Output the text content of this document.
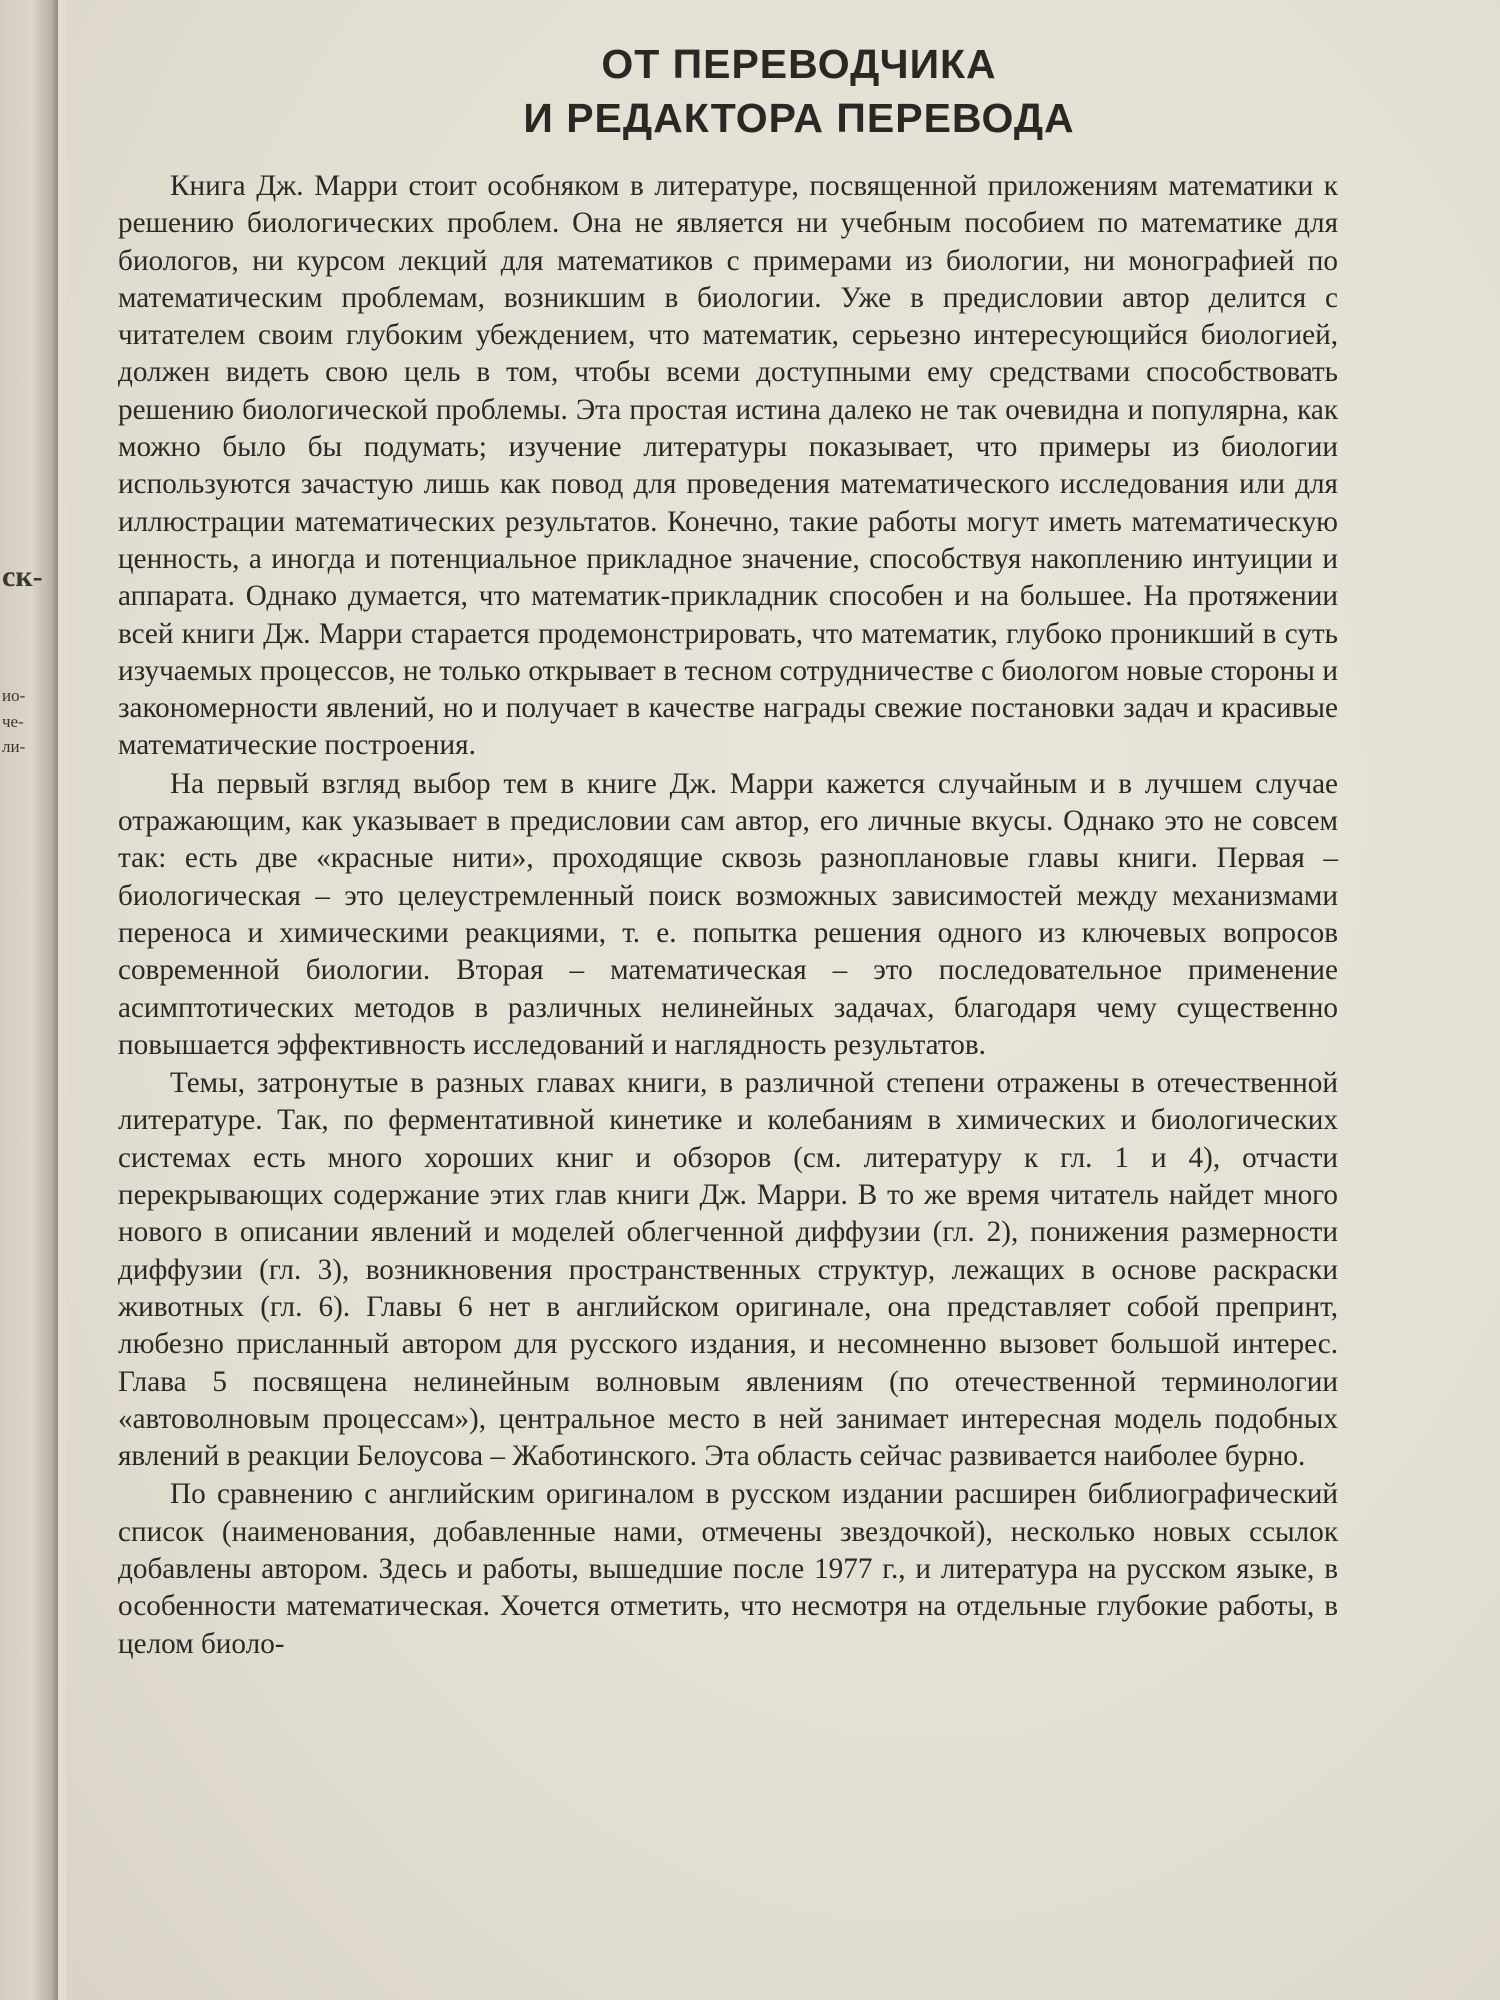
ск-
ио-
че-
ли-
ОТ ПЕРЕВОДЧИКА
И РЕДАКТОРА ПЕРЕВОДА

Книга Дж. Марри стоит особняком в литературе, посвященной приложениям математики к решению биологических проблем. Она не является ни учебным пособием по математике для биологов, ни курсом лекций для математиков с примерами из биологии, ни монографией по математическим проблемам, возникшим в биологии. Уже в предисловии автор делится с читателем своим глубоким убеждением, что математик, серьезно интересующийся биологией, должен видеть свою цель в том, чтобы всеми доступными ему средствами способствовать решению биологической проблемы. Эта простая истина далеко не так очевидна и популярна, как можно было бы подумать; изучение литературы показывает, что примеры из биологии используются зачастую лишь как повод для проведения математического исследования или для иллюстрации математических результатов. Конечно, такие работы могут иметь математическую ценность, а иногда и потенциальное прикладное значение, способствуя накоплению интуиции и аппарата. Однако думается, что математик-прикладник способен и на большее. На протяжении всей книги Дж. Марри старается продемонстрировать, что математик, глубоко проникший в суть изучаемых процессов, не только открывает в тесном сотрудничестве с биологом новые стороны и закономерности явлений, но и получает в качестве награды свежие постановки задач и красивые математические построения.

На первый взгляд выбор тем в книге Дж. Марри кажется случайным и в лучшем случае отражающим, как указывает в предисловии сам автор, его личные вкусы. Однако это не совсем так: есть две «красные нити», проходящие сквозь разноплановые главы книги. Первая – биологическая – это целеустремленный поиск возможных зависимостей между механизмами переноса и химическими реакциями, т. е. попытка решения одного из ключевых вопросов современной биологии. Вторая – математическая – это последовательное применение асимптотических методов в различных нелинейных задачах, благодаря чему существенно повышается эффективность исследований и наглядность результатов.

Темы, затронутые в разных главах книги, в различной степени отражены в отечественной литературе. Так, по ферментативной кинетике и колебаниям в химических и биологических системах есть много хороших книг и обзоров (см. литературу к гл. 1 и 4), отчасти перекрывающих содержание этих глав книги Дж. Марри. В то же время читатель найдет много нового в описании явлений и моделей облегченной диффузии (гл. 2), понижения размерности диффузии (гл. 3), возникновения пространственных структур, лежащих в основе раскраски животных (гл. 6). Главы 6 нет в английском оригинале, она представляет собой препринт, любезно присланный автором для русского издания, и несомненно вызовет большой интерес. Глава 5 посвящена нелинейным волновым явлениям (по отечественной терминологии «автоволновым процессам»), центральное место в ней занимает интересная модель подобных явлений в реакции Белоусова – Жаботинского. Эта область сейчас развивается наиболее бурно.

По сравнению с английским оригиналом в русском издании расширен библиографический список (наименования, добавленные нами, отмечены звездочкой), несколько новых ссылок добавлены автором. Здесь и работы, вышедшие после 1977 г., и литература на русском языке, в особенности математическая. Хочется отметить, что несмотря на отдельные глубокие работы, в целом биоло-
